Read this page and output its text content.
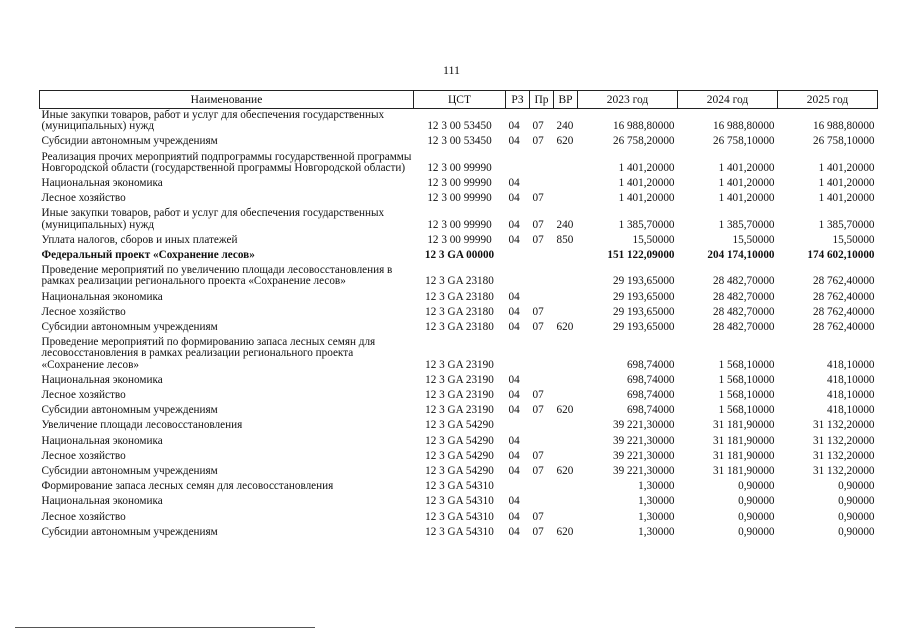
111
Наименование	ЦСТ	РЗ	Пр	ВР	2023 год	2024 год	2025 год
Иные закупки товаров, работ и услуг для обеспечения государственных (муниципальных) нужд	12 3 00 53450	04	07	240	16 988,80000	16 988,80000	16 988,80000
Субсидии автономным учреждениям	12 3 00 53450	04	07	620	26 758,20000	26 758,10000	26 758,10000
Реализация прочих мероприятий подпрограммы государственной программы Новгородской области (государственной программы Новгородской области)	12 3 00 99990				1 401,20000	1 401,20000	1 401,20000
Национальная экономика	12 3 00 99990	04			1 401,20000	1 401,20000	1 401,20000
Лесное хозяйство	12 3 00 99990	04	07		1 401,20000	1 401,20000	1 401,20000
Иные закупки товаров, работ и услуг для обеспечения государственных (муниципальных) нужд	12 3 00 99990	04	07	240	1 385,70000	1 385,70000	1 385,70000
Уплата налогов, сборов и иных платежей	12 3 00 99990	04	07	850	15,50000	15,50000	15,50000
Федеральный проект «Сохранение лесов»	12 3 GA 00000				151 122,09000	204 174,10000	174 602,10000
Проведение мероприятий по увеличению площади лесовосстановления в рамках реализации регионального проекта «Сохранение лесов»	12 3 GA 23180				29 193,65000	28 482,70000	28 762,40000
Национальная экономика	12 3 GA 23180	04			29 193,65000	28 482,70000	28 762,40000
Лесное хозяйство	12 3 GA 23180	04	07		29 193,65000	28 482,70000	28 762,40000
Субсидии автономным учреждениям	12 3 GA 23180	04	07	620	29 193,65000	28 482,70000	28 762,40000
Проведение мероприятий по формированию запаса лесных семян для лесовосстановления в рамках реализации регионального проекта «Сохранение лесов»	12 3 GA 23190				698,74000	1 568,10000	418,10000
Национальная экономика	12 3 GA 23190	04			698,74000	1 568,10000	418,10000
Лесное хозяйство	12 3 GA 23190	04	07		698,74000	1 568,10000	418,10000
Субсидии автономным учреждениям	12 3 GA 23190	04	07	620	698,74000	1 568,10000	418,10000
Увеличение площади лесовосстановления	12 3 GA 54290				39 221,30000	31 181,90000	31 132,20000
Национальная экономика	12 3 GA 54290	04			39 221,30000	31 181,90000	31 132,20000
Лесное хозяйство	12 3 GA 54290	04	07		39 221,30000	31 181,90000	31 132,20000
Субсидии автономным учреждениям	12 3 GA 54290	04	07	620	39 221,30000	31 181,90000	31 132,20000
Формирование запаса лесных семян для лесовосстановления	12 3 GA 54310				1,30000	0,90000	0,90000
Национальная экономика	12 3 GA 54310	04			1,30000	0,90000	0,90000
Лесное хозяйство	12 3 GA 54310	04	07		1,30000	0,90000	0,90000
Субсидии автономным учреждениям	12 3 GA 54310	04	07	620	1,30000	0,90000	0,90000
